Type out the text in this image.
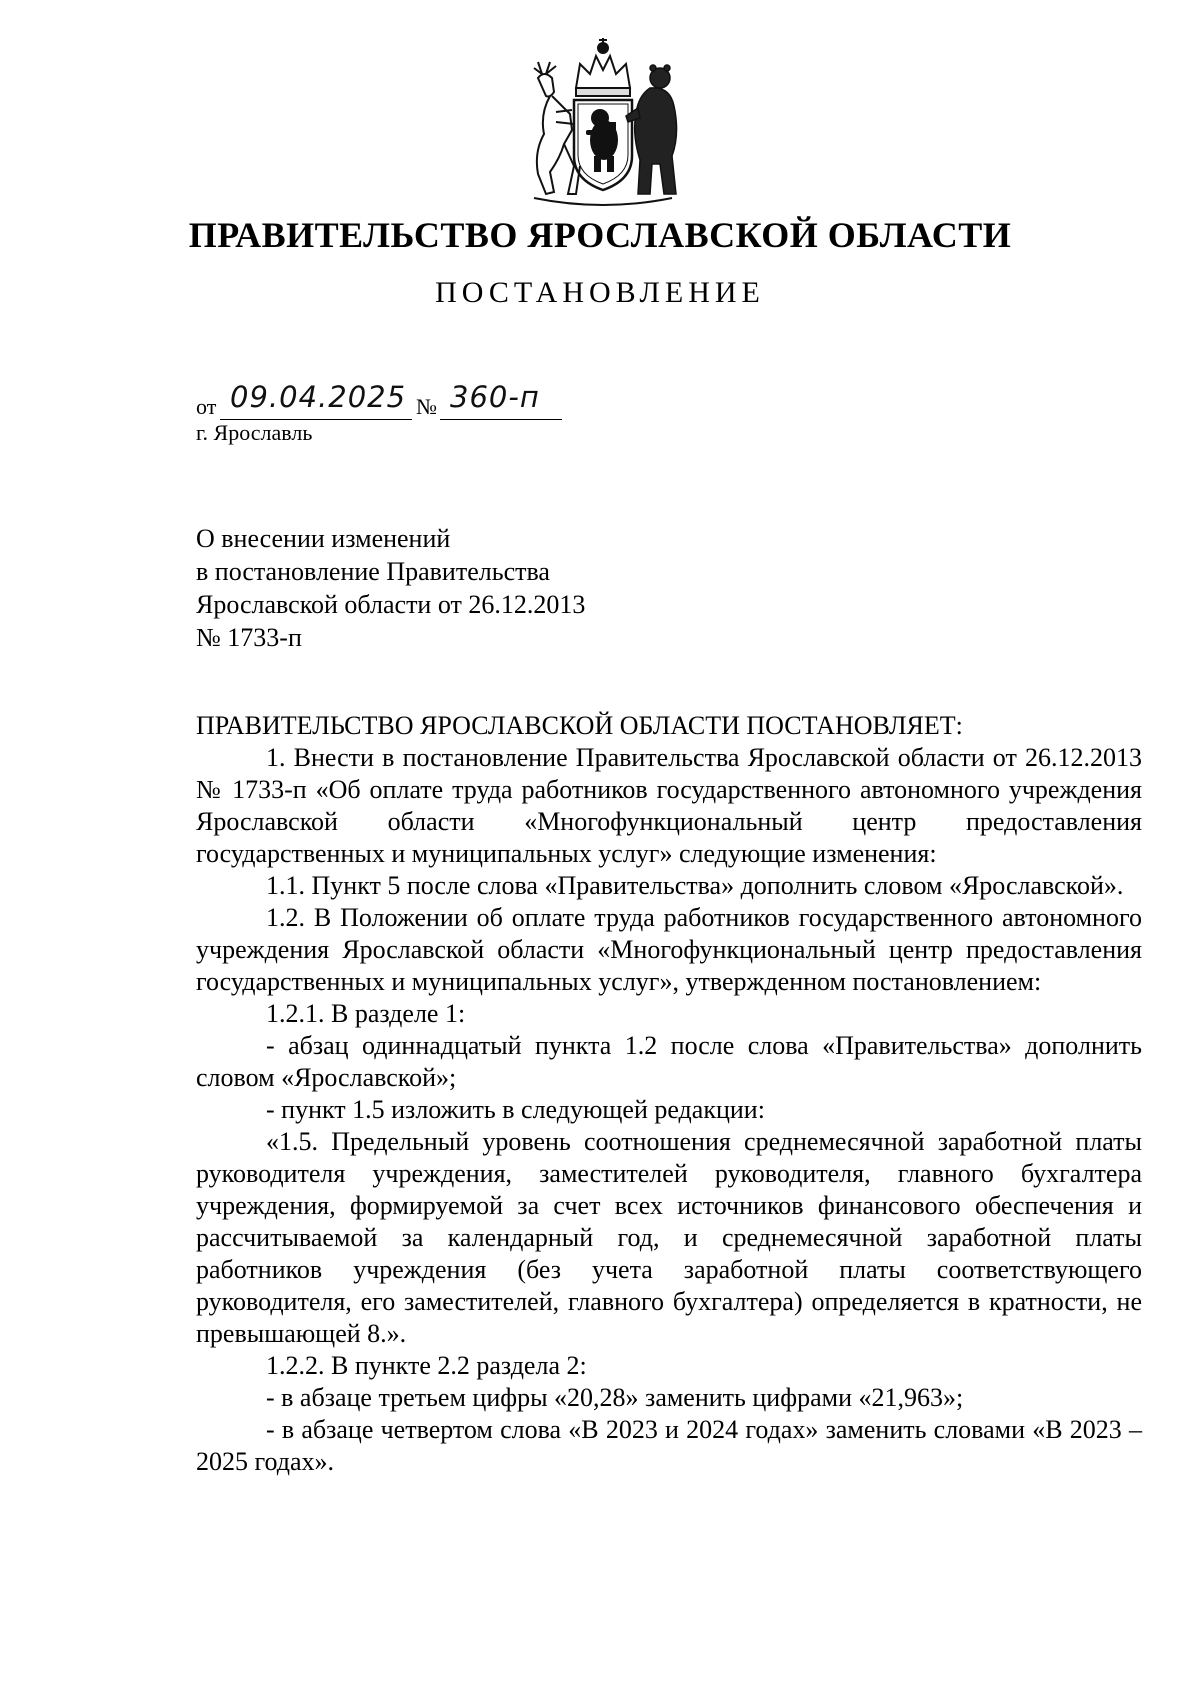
ПРАВИТЕЛЬСТВО ЯРОСЛАВСКОЙ ОБЛАСТИ
ПОСТАНОВЛЕНИЕ
от 09.04.2025 № 360-п
г. Ярославль
О внесении изменений
в постановление Правительства
Ярославской области от 26.12.2013
№ 1733-п

ПРАВИТЕЛЬСТВО ЯРОСЛАВСКОЙ ОБЛАСТИ ПОСТАНОВЛЯЕТ:

1. Внести в постановление Правительства Ярославской области от 26.12.2013 № 1733-п «Об оплате труда работников государственного автономного учреждения Ярославской области «Многофункциональный центр предоставления государственных и муниципальных услуг» следующие изменения:

1.1. Пункт 5 после слова «Правительства» дополнить словом «Ярославской».

1.2. В Положении об оплате труда работников государственного автономного учреждения Ярославской области «Многофункциональный центр предоставления государственных и муниципальных услуг», утвержденном постановлением:

1.2.1. В разделе 1:

- абзац одиннадцатый пункта 1.2 после слова «Правительства» дополнить словом «Ярославской»;

- пункт 1.5 изложить в следующей редакции:

«1.5. Предельный уровень соотношения среднемесячной заработной платы руководителя учреждения, заместителей руководителя, главного бухгалтера учреждения, формируемой за счет всех источников финансового обеспечения и рассчитываемой за календарный год, и среднемесячной заработной платы работников учреждения (без учета заработной платы соответствующего руководителя, его заместителей, главного бухгалтера) определяется в кратности, не превышающей 8.».

1.2.2. В пункте 2.2 раздела 2:

- в абзаце третьем цифры «20,28» заменить цифрами «21,963»;

- в абзаце четвертом слова «В 2023 и 2024 годах» заменить словами «В 2023 – 2025 годах».
